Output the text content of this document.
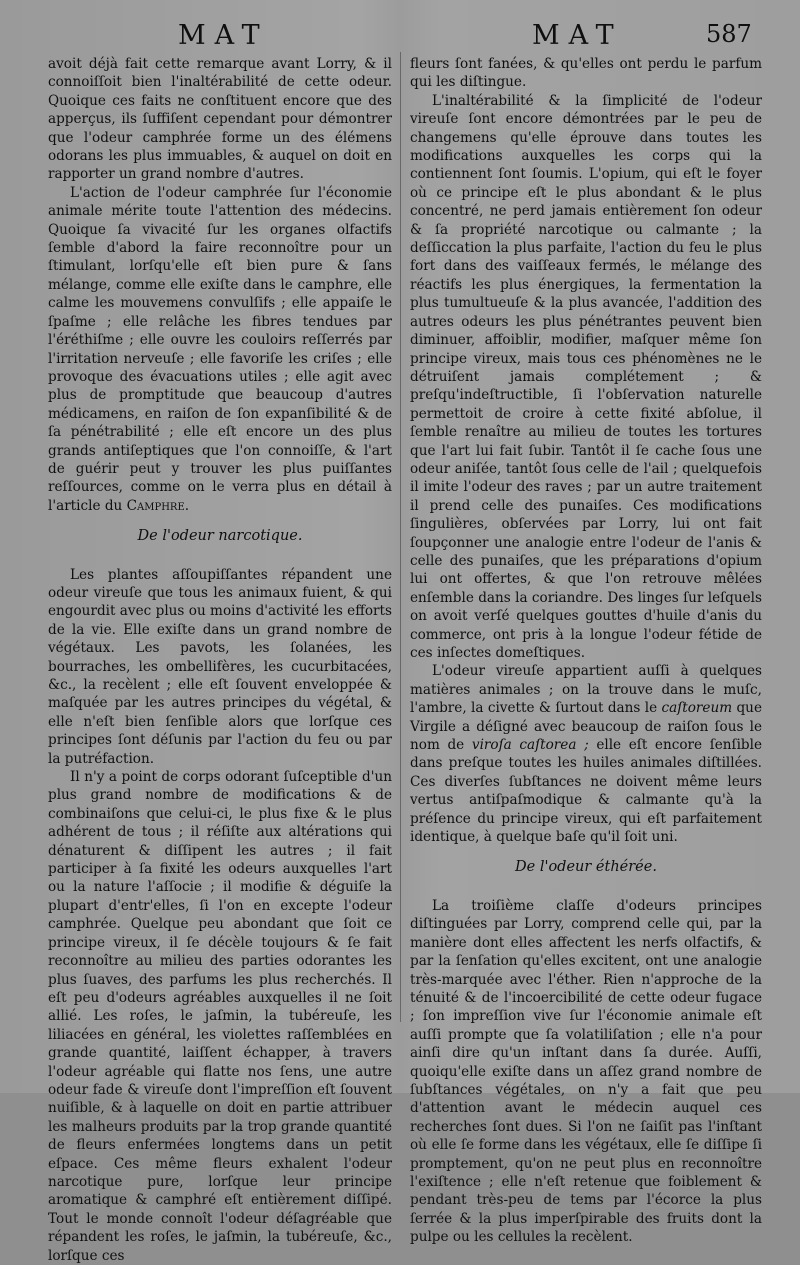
MAT	MAT	587

avoit déjà fait cette remarque avant Lorry, & il connoiſſoit bien l'inaltérabilité de cette odeur. Quoique ces faits ne conſtituent encore que des apperçus, ils ſuffiſent cependant pour démontrer que l'odeur camphrée forme un des élémens odorans les plus immuables, & auquel on doit en rapporter un grand nombre d'autres.

L'action de l'odeur camphrée ſur l'économie animale mérite toute l'attention des médecins. Quoique ſa vivacité ſur les organes olfactifs ſemble d'abord la faire reconnoître pour un ſtimulant, lorſqu'elle eſt bien pure & ſans mélange, comme elle exiſte dans le camphre, elle calme les mouvemens convulſifs ; elle appaiſe le ſpaſme ; elle relâche les fibres tendues par l'éréthiſme ; elle ouvre les couloirs reſſerrés par l'irritation nerveuſe ; elle favoriſe les criſes ; elle provoque des évacuations utiles ; elle agit avec plus de promptitude que beaucoup d'autres médicamens, en raiſon de ſon expanſibilité & de ſa pénétrabilité ; elle eſt encore un des plus grands antiſeptiques que l'on connoiſſe, & l'art de guérir peut y trouver les plus puiſſantes reſſources, comme on le verra plus en détail à l'article du Camphre.

De l'odeur narcotique.

Les plantes aſſoupiſſantes répandent une odeur vireuſe que tous les animaux fuient, & qui engourdit avec plus ou moins d'activité les efforts de la vie. Elle exiſte dans un grand nombre de végétaux. Les pavots, les ſolanées, les bourraches, les ombellifères, les cucurbitacées, &c., la recèlent ; elle eſt ſouvent enveloppée & maſquée par les autres principes du végétal, & elle n'eſt bien ſenſible alors que lorſque ces principes ſont déſunis par l'action du feu ou par la putréfaction.

Il n'y a point de corps odorant ſuſceptible d'un plus grand nombre de modifications & de combinaiſons que celui-ci, le plus fixe & le plus adhérent de tous ; il réſiſte aux altérations qui dénaturent & diſſipent les autres ; il fait participer à ſa fixité les odeurs auxquelles l'art ou la nature l'aſſocie ; il modifie & déguiſe la plupart d'entr'elles, ſi l'on en excepte l'odeur camphrée. Quelque peu abondant que ſoit ce principe vireux, il ſe décèle toujours & ſe fait reconnoître au milieu des parties odorantes les plus ſuaves, des parfums les plus recherchés. Il eſt peu d'odeurs agréables auxquelles il ne ſoit allié. Les roſes, le jaſmin, la tubéreuſe, les liliacées en général, les violettes raſſemblées en grande quantité, laiſſent échapper, à travers l'odeur agréable qui flatte nos ſens, une autre odeur fade & vireuſe dont l'impreſſion eſt ſouvent nuiſible, & à laquelle on doit en partie attribuer les malheurs produits par la trop grande quantité de fleurs enfermées longtems dans un petit eſpace. Ces même fleurs exhalent l'odeur narcotique pure, lorſque leur principe aromatique & camphré eſt entièrement diſſipé. Tout le monde connoît l'odeur déſagréable que répandent les roſes, le jaſmin, la tubéreuſe, &c., lorſque ces

fleurs ſont fanées, & qu'elles ont perdu le parfum qui les diſtingue.

L'inaltérabilité & la ſimplicité de l'odeur vireuſe ſont encore démontrées par le peu de changemens qu'elle éprouve dans toutes les modifications auxquelles les corps qui la contiennent ſont ſoumis. L'opium, qui eſt le foyer où ce principe eſt le plus abondant & le plus concentré, ne perd jamais entièrement ſon odeur & ſa propriété narcotique ou calmante ; la deſſiccation la plus parfaite, l'action du feu le plus fort dans des vaiſſeaux fermés, le mélange des réactifs les plus énergiques, la fermentation la plus tumultueuſe & la plus avancée, l'addition des autres odeurs les plus pénétrantes peuvent bien diminuer, affoiblir, modifier, maſquer même ſon principe vireux, mais tous ces phénomènes ne le détruiſent jamais complétement ; & preſqu'indeſtructible, ſi l'obſervation naturelle permettoit de croire à cette fixité abſolue, il ſemble renaître au milieu de toutes les tortures que l'art lui fait ſubir. Tantôt il ſe cache ſous une odeur aniſée, tantôt ſous celle de l'ail ; quelquefois il imite l'odeur des raves ; par un autre traitement il prend celle des punaiſes. Ces modifications ſingulières, obſervées par Lorry, lui ont fait ſoupçonner une analogie entre l'odeur de l'anis & celle des punaiſes, que les préparations d'opium lui ont offertes, & que l'on retrouve mêlées enſemble dans la coriandre. Des linges ſur leſquels on avoit verſé quelques gouttes d'huile d'anis du commerce, ont pris à la longue l'odeur fétide de ces inſectes domeſtiques.

L'odeur vireuſe appartient auſſi à quelques matières animales ; on la trouve dans le muſc, l'ambre, la civette & ſurtout dans le caſtoreum que Virgile a déſigné avec beaucoup de raiſon ſous le nom de viroſa caſtorea ; elle eſt encore ſenſible dans preſque toutes les huiles animales diſtillées. Ces diverſes ſubſtances ne doivent même leurs vertus antiſpaſmodique & calmante qu'à la préſence du principe vireux, qui eſt parfaitement identique, à quelque baſe qu'il ſoit uni.

De l'odeur éthérée.

La troiſième claſſe d'odeurs principes diſtinguées par Lorry, comprend celle qui, par la manière dont elles affectent les nerfs olfactifs, & par la ſenſation qu'elles excitent, ont une analogie très-marquée avec l'éther. Rien n'approche de la ténuité & de l'incoercibilité de cette odeur fugace ; ſon impreſſion vive ſur l'économie animale eſt auſſi prompte que ſa volatiliſation ; elle n'a pour ainſi dire qu'un inſtant dans ſa durée. Auſſi, quoiqu'elle exiſte dans un aſſez grand nombre de ſubſtances végétales, on n'y a fait que peu d'attention avant le médecin auquel ces recherches ſont dues. Si l'on ne ſaiſit pas l'inſtant où elle ſe forme dans les végétaux, elle ſe diſſipe ſi promptement, qu'on ne peut plus en reconnoître l'exiſtence ; elle n'eſt retenue que foiblement & pendant très-peu de tems par l'écorce la plus ſerrée & la plus imperſpirable des fruits dont la pulpe ou les cellules la recèlent.
